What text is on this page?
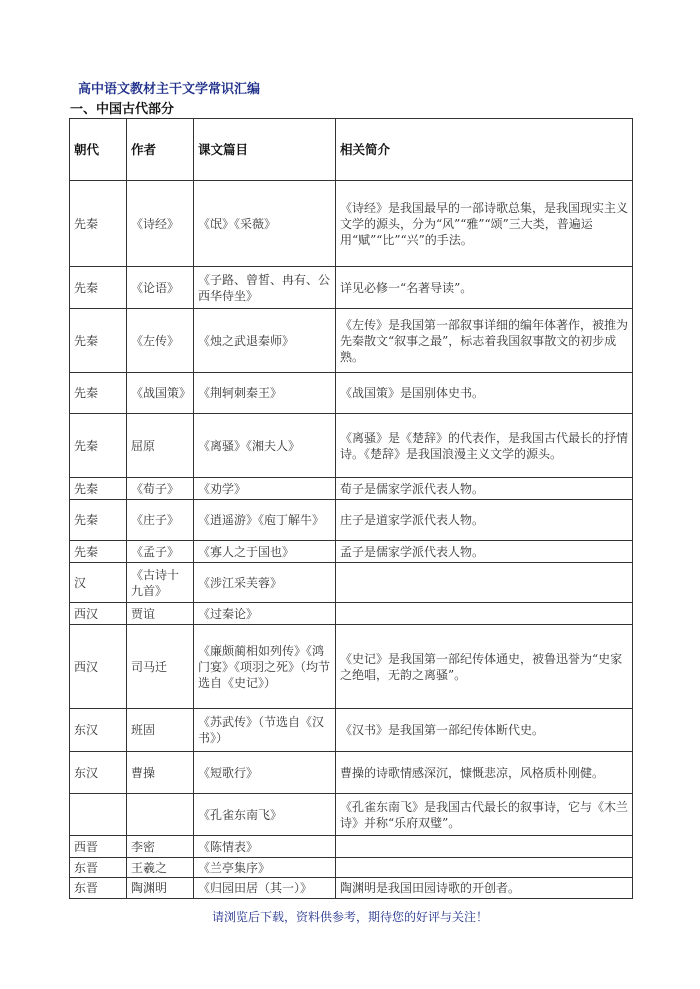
高中语文教材主干文学常识汇编
一、中国古代部分
朝代	作者	课文篇目	相关简介
先秦	《诗经》	《氓》《采薇》	《诗经》是我国最早的一部诗歌总集，是我国现实主义文学的源头，分为“风”“雅”“颂”三大类，普遍运用“赋”“比”“兴”的手法。
先秦	《论语》	《子路、曾皙、冉有、公西华侍坐》	详见必修一“名著导读”。
先秦	《左传》	《烛之武退秦师》	《左传》是我国第一部叙事详细的编年体著作，被推为先秦散文“叙事之最”，标志着我国叙事散文的初步成熟。
先秦	《战国策》	《荆轲刺秦王》	《战国策》是国别体史书。
先秦	屈原	《离骚》《湘夫人》	《离骚》是《楚辞》的代表作，是我国古代最长的抒情诗。《楚辞》是我国浪漫主义文学的源头。
先秦	《荀子》	《劝学》	荀子是儒家学派代表人物。
先秦	《庄子》	《逍遥游》《庖丁解牛》	庄子是道家学派代表人物。
先秦	《孟子》	《寡人之于国也》	孟子是儒家学派代表人物。
汉	《古诗十九首》	《涉江采芙蓉》	
西汉	贾谊	《过秦论》	
西汉	司马迁	《廉颇蔺相如列传》《鸿门宴》《项羽之死》（均节选自《史记》）	《史记》是我国第一部纪传体通史，被鲁迅誉为“史家之绝唱，无韵之离骚”。
东汉	班固	《苏武传》（节选自《汉书》）	《汉书》是我国第一部纪传体断代史。
东汉	曹操	《短歌行》	曹操的诗歌情感深沉，慷慨悲凉，风格质朴刚健。
		《孔雀东南飞》	《孔雀东南飞》是我国古代最长的叙事诗，它与《木兰诗》并称“乐府双璧”。
西晋	李密	《陈情表》	
东晋	王羲之	《兰亭集序》	
东晋	陶渊明	《归园田居（其一）》	陶渊明是我国田园诗歌的开创者。
请浏览后下载，资料供参考，期待您的好评与关注！
